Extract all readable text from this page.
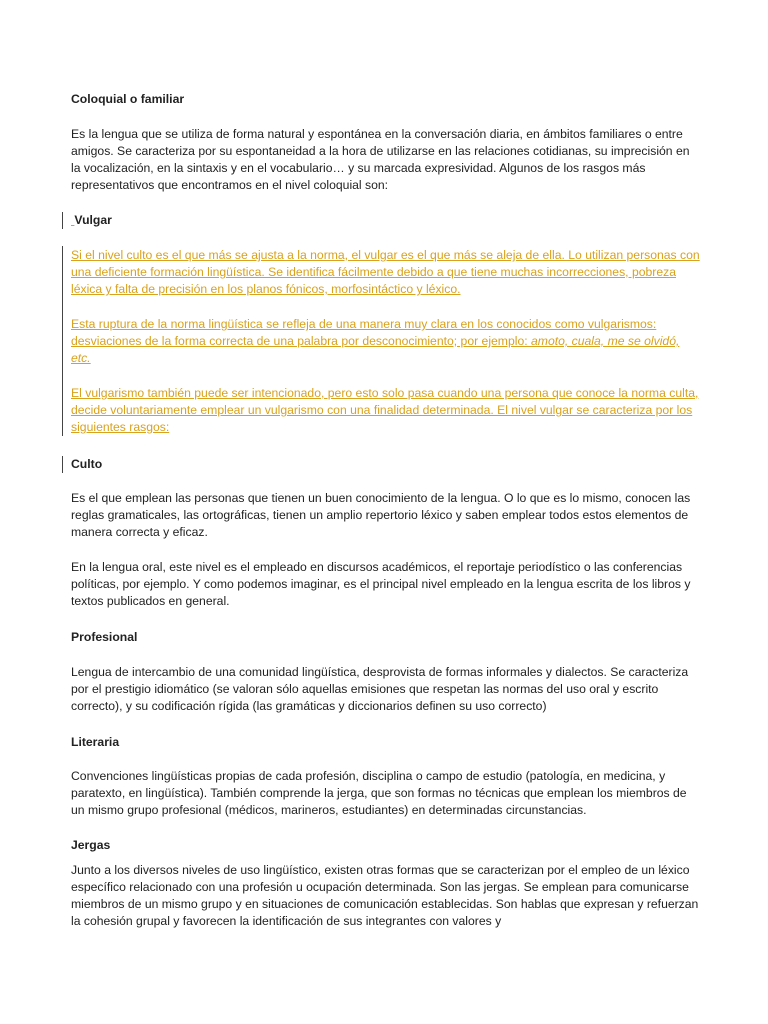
Coloquial o familiar

Es la lengua que se utiliza de forma natural y espontánea en la conversación diaria, en ámbitos familiares o entre amigos. Se caracteriza por su espontaneidad a la hora de utilizarse en las relaciones cotidianas, su imprecisión en la vocalización, en la sintaxis y en el vocabulario… y su marcada expresividad. Algunos de los rasgos más representativos que encontramos en el nivel coloquial son:

Vulgar

Si el nivel culto es el que más se ajusta a la norma, el vulgar es el que más se aleja de ella. Lo utilizan personas con una deficiente formación lingüística. Se identifica fácilmente debido a que tiene muchas incorrecciones, pobreza léxica y falta de precisión en los planos fónicos, morfosintáctico y léxico.

Esta ruptura de la norma lingüística se refleja de una manera muy clara en los conocidos como vulgarismos: desviaciones de la forma correcta de una palabra por desconocimiento; por ejemplo: amoto, cuala, me se olvidó, etc.

El vulgarismo también puede ser intencionado, pero esto solo pasa cuando una persona que conoce la norma culta, decide voluntariamente emplear un vulgarismo con una finalidad determinada. El nivel vulgar se caracteriza por los siguientes rasgos:

Culto

Es el que emplean las personas que tienen un buen conocimiento de la lengua. O lo que es lo mismo, conocen las reglas gramaticales, las ortográficas, tienen un amplio repertorio léxico y saben emplear todos estos elementos de manera correcta y eficaz.

En la lengua oral, este nivel es el empleado en discursos académicos, el reportaje periodístico o las conferencias políticas, por ejemplo. Y como podemos imaginar, es el principal nivel empleado en la lengua escrita de los libros y textos publicados en general.

Profesional

Lengua de intercambio de una comunidad lingüística, desprovista de formas informales y dialectos. Se caracteriza por el prestigio idiomático (se valoran sólo aquellas emisiones que respetan las normas del uso oral y escrito correcto), y su codificación rígida (las gramáticas y diccionarios definen su uso correcto)

Literaria

Convenciones lingüísticas propias de cada profesión, disciplina o campo de estudio (patología, en medicina, y paratexto, en lingüística). También comprende la jerga, que son formas no técnicas que emplean los miembros de un mismo grupo profesional (médicos, marineros, estudiantes) en determinadas circunstancias.

Jergas

Junto a los diversos niveles de uso lingüístico, existen otras formas que se caracterizan por el empleo de un léxico específico relacionado con una profesión u ocupación determinada. Son las jergas. Se emplean para comunicarse miembros de un mismo grupo y en situaciones de comunicación establecidas. Son hablas que expresan y refuerzan la cohesión grupal y favorecen la identificación de sus integrantes con valores y
